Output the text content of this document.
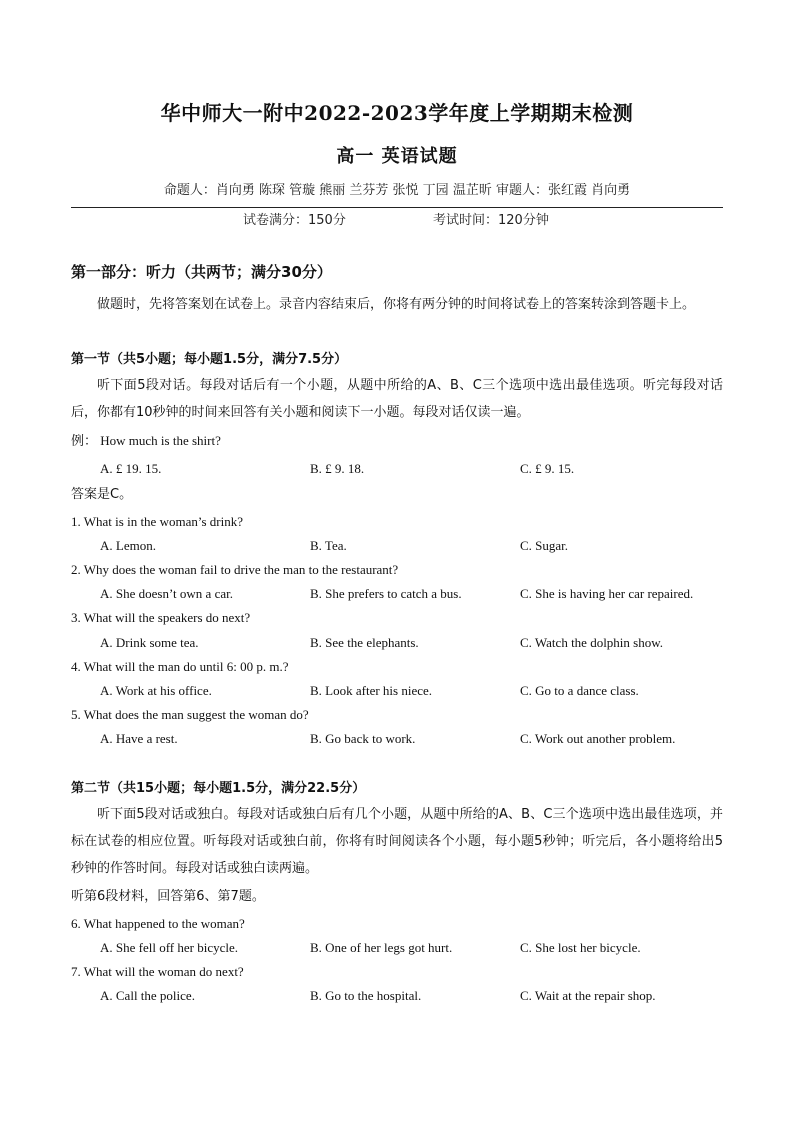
华中师大一附中2022-2023学年度上学期期末检测
高一 英语试题
命题人：肖向勇 陈琛 管璇 熊丽 兰芬芳 张悦 丁园 温芷昕 审题人：张红霞 肖向勇
试卷满分：150分	考试时间：120分钟
第一部分：听力（共两节；满分30分）
做题时，先将答案划在试卷上。录音内容结束后，你将有两分钟的时间将试卷上的答案转涂到答题卡上。
第一节（共5小题；每小题1.5分，满分7.5分）
听下面5段对话。每段对话后有一个小题，从题中所给的A、B、C三个选项中选出最佳选项。听完每段对话后，你都有10秒钟的时间来回答有关小题和阅读下一小题。每段对话仅读一遍。
例： How much is the shirt?
A. £ 19. 15.	B. £ 9. 18.	C. £ 9. 15.
答案是C。
1. What is in the woman’s drink?
A. Lemon.	B. Tea.	C. Sugar.
2. Why does the woman fail to drive the man to the restaurant?
A. She doesn’t own a car.	B. She prefers to catch a bus.	C. She is having her car repaired.
3. What will the speakers do next?
A. Drink some tea.	B. See the elephants.	C. Watch the dolphin show.
4. What will the man do until 6: 00 p. m.?
A. Work at his office.	B. Look after his niece.	C. Go to a dance class.
5. What does the man suggest the woman do?
A. Have a rest.	B. Go back to work.	C. Work out another problem.
第二节（共15小题；每小题1.5分，满分22.5分）
听下面5段对话或独白。每段对话或独白后有几个小题，从题中所给的A、B、C三个选项中选出最佳选项，并标在试卷的相应位置。听每段对话或独白前，你将有时间阅读各个小题，每小题5秒钟；听完后，各小题将给出5秒钟的作答时间。每段对话或独白读两遍。
听第6段材料，回答第6、第7题。
6. What happened to the woman?
A. She fell off her bicycle.	B. One of her legs got hurt.	C. She lost her bicycle.
7. What will the woman do next?
A. Call the police.	B. Go to the hospital.	C. Wait at the repair shop.
